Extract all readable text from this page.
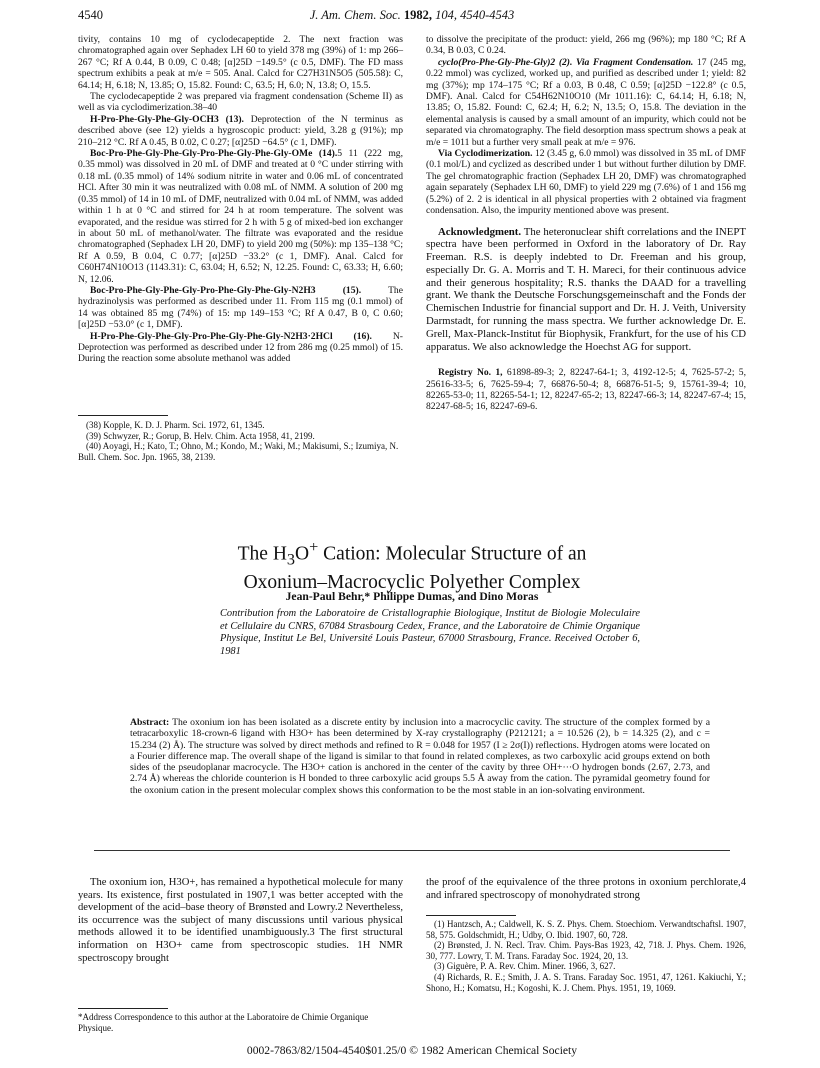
4540	J. Am. Chem. Soc. 1982, 104, 4540-4543

tivity, contains 10 mg of cyclodecapeptide 2. The next fraction was chromatographed again over Sephadex LH 60 to yield 378 mg (39%) of 1: mp 266–267 °C; Rf A 0.44, B 0.09, C 0.48; [α]25D −149.5° (c 0.5, DMF). The FD mass spectrum exhibits a peak at m/e = 505. Anal. Calcd for C27H31N5O5 (505.58): C, 64.14; H, 6.18; N, 13.85; O, 15.82. Found: C, 63.5; H, 6.0; N, 13.8; O, 15.5.

The cyclodecapeptide 2 was prepared via fragment condensation (Scheme II) as well as via cyclodimerization.38–40

H-Pro-Phe-Gly-Phe-Gly-OCH3 (13). Deprotection of the N terminus as described above (see 12) yields a hygroscopic product: yield, 3.28 g (91%); mp 210–212 °C. Rf A 0.45, B 0.02, C 0.27; [α]25D −64.5° (c 1, DMF).

Boc-Pro-Phe-Gly-Phe-Gly-Pro-Phe-Gly-Phe-Gly-OMe (14).5 11 (222 mg, 0.35 mmol) was dissolved in 20 mL of DMF and treated at 0 °C under stirring with 0.18 mL (0.35 mmol) of 14% sodium nitrite in water and 0.06 mL of concentrated HCl. After 30 min it was neutralized with 0.08 mL of NMM. A solution of 200 mg (0.35 mmol) of 14 in 10 mL of DMF, neutralized with 0.04 mL of NMM, was added within 1 h at 0 °C and stirred for 24 h at room temperature. The solvent was evaporated, and the residue was stirred for 2 h with 5 g of mixed-bed ion exchanger in about 50 mL of methanol/water. The filtrate was evaporated and the residue chromatographed (Sephadex LH 20, DMF) to yield 200 mg (50%): mp 135–138 °C; Rf A 0.59, B 0.04, C 0.77; [α]25D −33.2° (c 1, DMF). Anal. Calcd for C60H74N10O13 (1143.31): C, 63.04; H, 6.52; N, 12.25. Found: C, 63.33; H, 6.60; N, 12.06.

Boc-Pro-Phe-Gly-Phe-Gly-Pro-Phe-Gly-Phe-Gly-N2H3 (15). The hydrazinolysis was performed as described under 11. From 115 mg (0.1 mmol) of 14 was obtained 85 mg (74%) of 15: mp 149–153 °C; Rf A 0.47, B 0, C 0.60; [α]25D −53.0° (c 1, DMF).

H-Pro-Phe-Gly-Phe-Gly-Pro-Phe-Gly-Phe-Gly-N2H3·2HCl (16). N-Deprotection was performed as described under 12 from 286 mg (0.25 mmol) of 15. During the reaction some absolute methanol was added

to dissolve the precipitate of the product: yield, 266 mg (96%); mp 180 °C; Rf A 0.34, B 0.03, C 0.24.

cyclo(Pro-Phe-Gly-Phe-Gly)2 (2). Via Fragment Condensation. 17 (245 mg, 0.22 mmol) was cyclized, worked up, and purified as described under 1; yield: 82 mg (37%); mp 174–175 °C; Rf a 0.03, B 0.48, C 0.59; [α]25D −122.8° (c 0.5, DMF). Anal. Calcd for C54H62N10O10 (Mr 1011.16): C, 64.14; H, 6.18; N, 13.85; O, 15.82. Found: C, 62.4; H, 6.2; N, 13.5; O, 15.8. The deviation in the elemental analysis is caused by a small amount of an impurity, which could not be separated via chromatography. The field desorption mass spectrum shows a peak at m/e = 1011 but a further very small peak at m/e = 976.

Via Cyclodimerization. 12 (3.45 g, 6.0 mmol) was dissolved in 35 mL of DMF (0.1 mol/L) and cyclized as described under 1 but without further dilution by DMF. The gel chromatographic fraction (Sephadex LH 20, DMF) was chromatographed again separately (Sephadex LH 60, DMF) to yield 229 mg (7.6%) of 1 and 156 mg (5.2%) of 2. 2 is identical in all physical properties with 2 obtained via fragment condensation. Also, the impurity mentioned above was present.

Acknowledgment. The heteronuclear shift correlations and the INEPT spectra have been performed in Oxford in the laboratory of Dr. Ray Freeman. R.S. is deeply indebted to Dr. Freeman and his group, especially Dr. G. A. Morris and T. H. Mareci, for their continuous advice and their generous hospitality; R.S. thanks the DAAD for a travelling grant. We thank the Deutsche Forschungsgemeinschaft and the Fonds der Chemischen Industrie for financial support and Dr. H. J. Veith, University Darmstadt, for running the mass spectra. We further acknowledge Dr. E. Grell, Max-Planck-Institut für Biophysik, Frankfurt, for the use of his CD apparatus. We also acknowledge the Hoechst AG for support.

Registry No. 1, 61898-89-3; 2, 82247-64-1; 3, 4192-12-5; 4, 7625-57-2; 5, 25616-33-5; 6, 7625-59-4; 7, 66876-50-4; 8, 66876-51-5; 9, 15761-39-4; 10, 82265-53-0; 11, 82265-54-1; 12, 82247-65-2; 13, 82247-66-3; 14, 82247-67-4; 15, 82247-68-5; 16, 82247-69-6.

(38) Kopple, K. D. J. Pharm. Sci. 1972, 61, 1345.
(39) Schwyzer, R.; Gorup, B. Helv. Chim. Acta 1958, 41, 2199.
(40) Aoyagi, H.; Kato, T.; Ohno, M.; Kondo, M.; Waki, M.; Makisumi, S.; Izumiya, N. Bull. Chem. Soc. Jpn. 1965, 38, 2139.
The $H_3O^+$ Cation: Molecular Structure of an
Oxonium–Macrocyclic Polyether Complex
Jean-Paul Behr,* Philippe Dumas, and Dino Moras
Contribution from the Laboratoire de Cristallographie Biologique, Institut de Biologie Moleculaire et Cellulaire du CNRS, 67084 Strasbourg Cedex, France, and the Laboratoire de Chimie Organique Physique, Institut Le Bel, Université Louis Pasteur, 67000 Strasbourg, France. Received October 6, 1981
Abstract: The oxonium ion has been isolated as a discrete entity by inclusion into a macrocyclic cavity. The structure of the complex formed by a tetracarboxylic 18-crown-6 ligand with H3O+ has been determined by X-ray crystallography (P212121; a = 10.526 (2), b = 14.325 (2), and c = 15.234 (2) Å). The structure was solved by direct methods and refined to R = 0.048 for 1957 (I ≥ 2σ(I)) reflections. Hydrogen atoms were located on a Fourier difference map. The overall shape of the ligand is similar to that found in related complexes, as two carboxylic acid groups extend on both sides of the pseudoplanar macrocycle. The H3O+ cation is anchored in the center of the cavity by three OH+···O hydrogen bonds (2.67, 2.73, and 2.74 Å) whereas the chloride counterion is H bonded to three carboxylic acid groups 5.5 Å away from the cation. The pyramidal geometry found for the oxonium cation in the present molecular complex shows this conformation to be the most stable in an ion-solvating environment.

The oxonium ion, H3O+, has remained a hypothetical molecule for many years. Its existence, first postulated in 1907,1 was better accepted with the development of the acid–base theory of Brønsted and Lowry.2 Nevertheless, its occurrence was the subject of many discussions until various physical methods allowed it to be identified unambiguously.3 The first structural information on H3O+ came from spectroscopic studies. 1H NMR spectroscopy brought

the proof of the equivalence of the three protons in oxonium perchlorate,4 and infrared spectroscopy of monohydrated strong

*Address Correspondence to this author at the Laboratoire de Chimie Organique Physique.
(1) Hantzsch, A.; Caldwell, K. S. Z. Phys. Chem. Stoechiom. Verwandtschaftsl. 1907, 58, 575. Goldschmidt, H.; Udby, O. Ibid. 1907, 60, 728.
(2) Brønsted, J. N. Recl. Trav. Chim. Pays-Bas 1923, 42, 718. J. Phys. Chem. 1926, 30, 777. Lowry, T. M. Trans. Faraday Soc. 1924, 20, 13.
(3) Giguère, P. A. Rev. Chim. Miner. 1966, 3, 627.
(4) Richards, R. E.; Smith, J. A. S. Trans. Faraday Soc. 1951, 47, 1261. Kakiuchi, Y.; Shono, H.; Komatsu, H.; Kogoshi, K. J. Chem. Phys. 1951, 19, 1069.
0002-7863/82/1504-4540$01.25/0 © 1982 American Chemical Society
